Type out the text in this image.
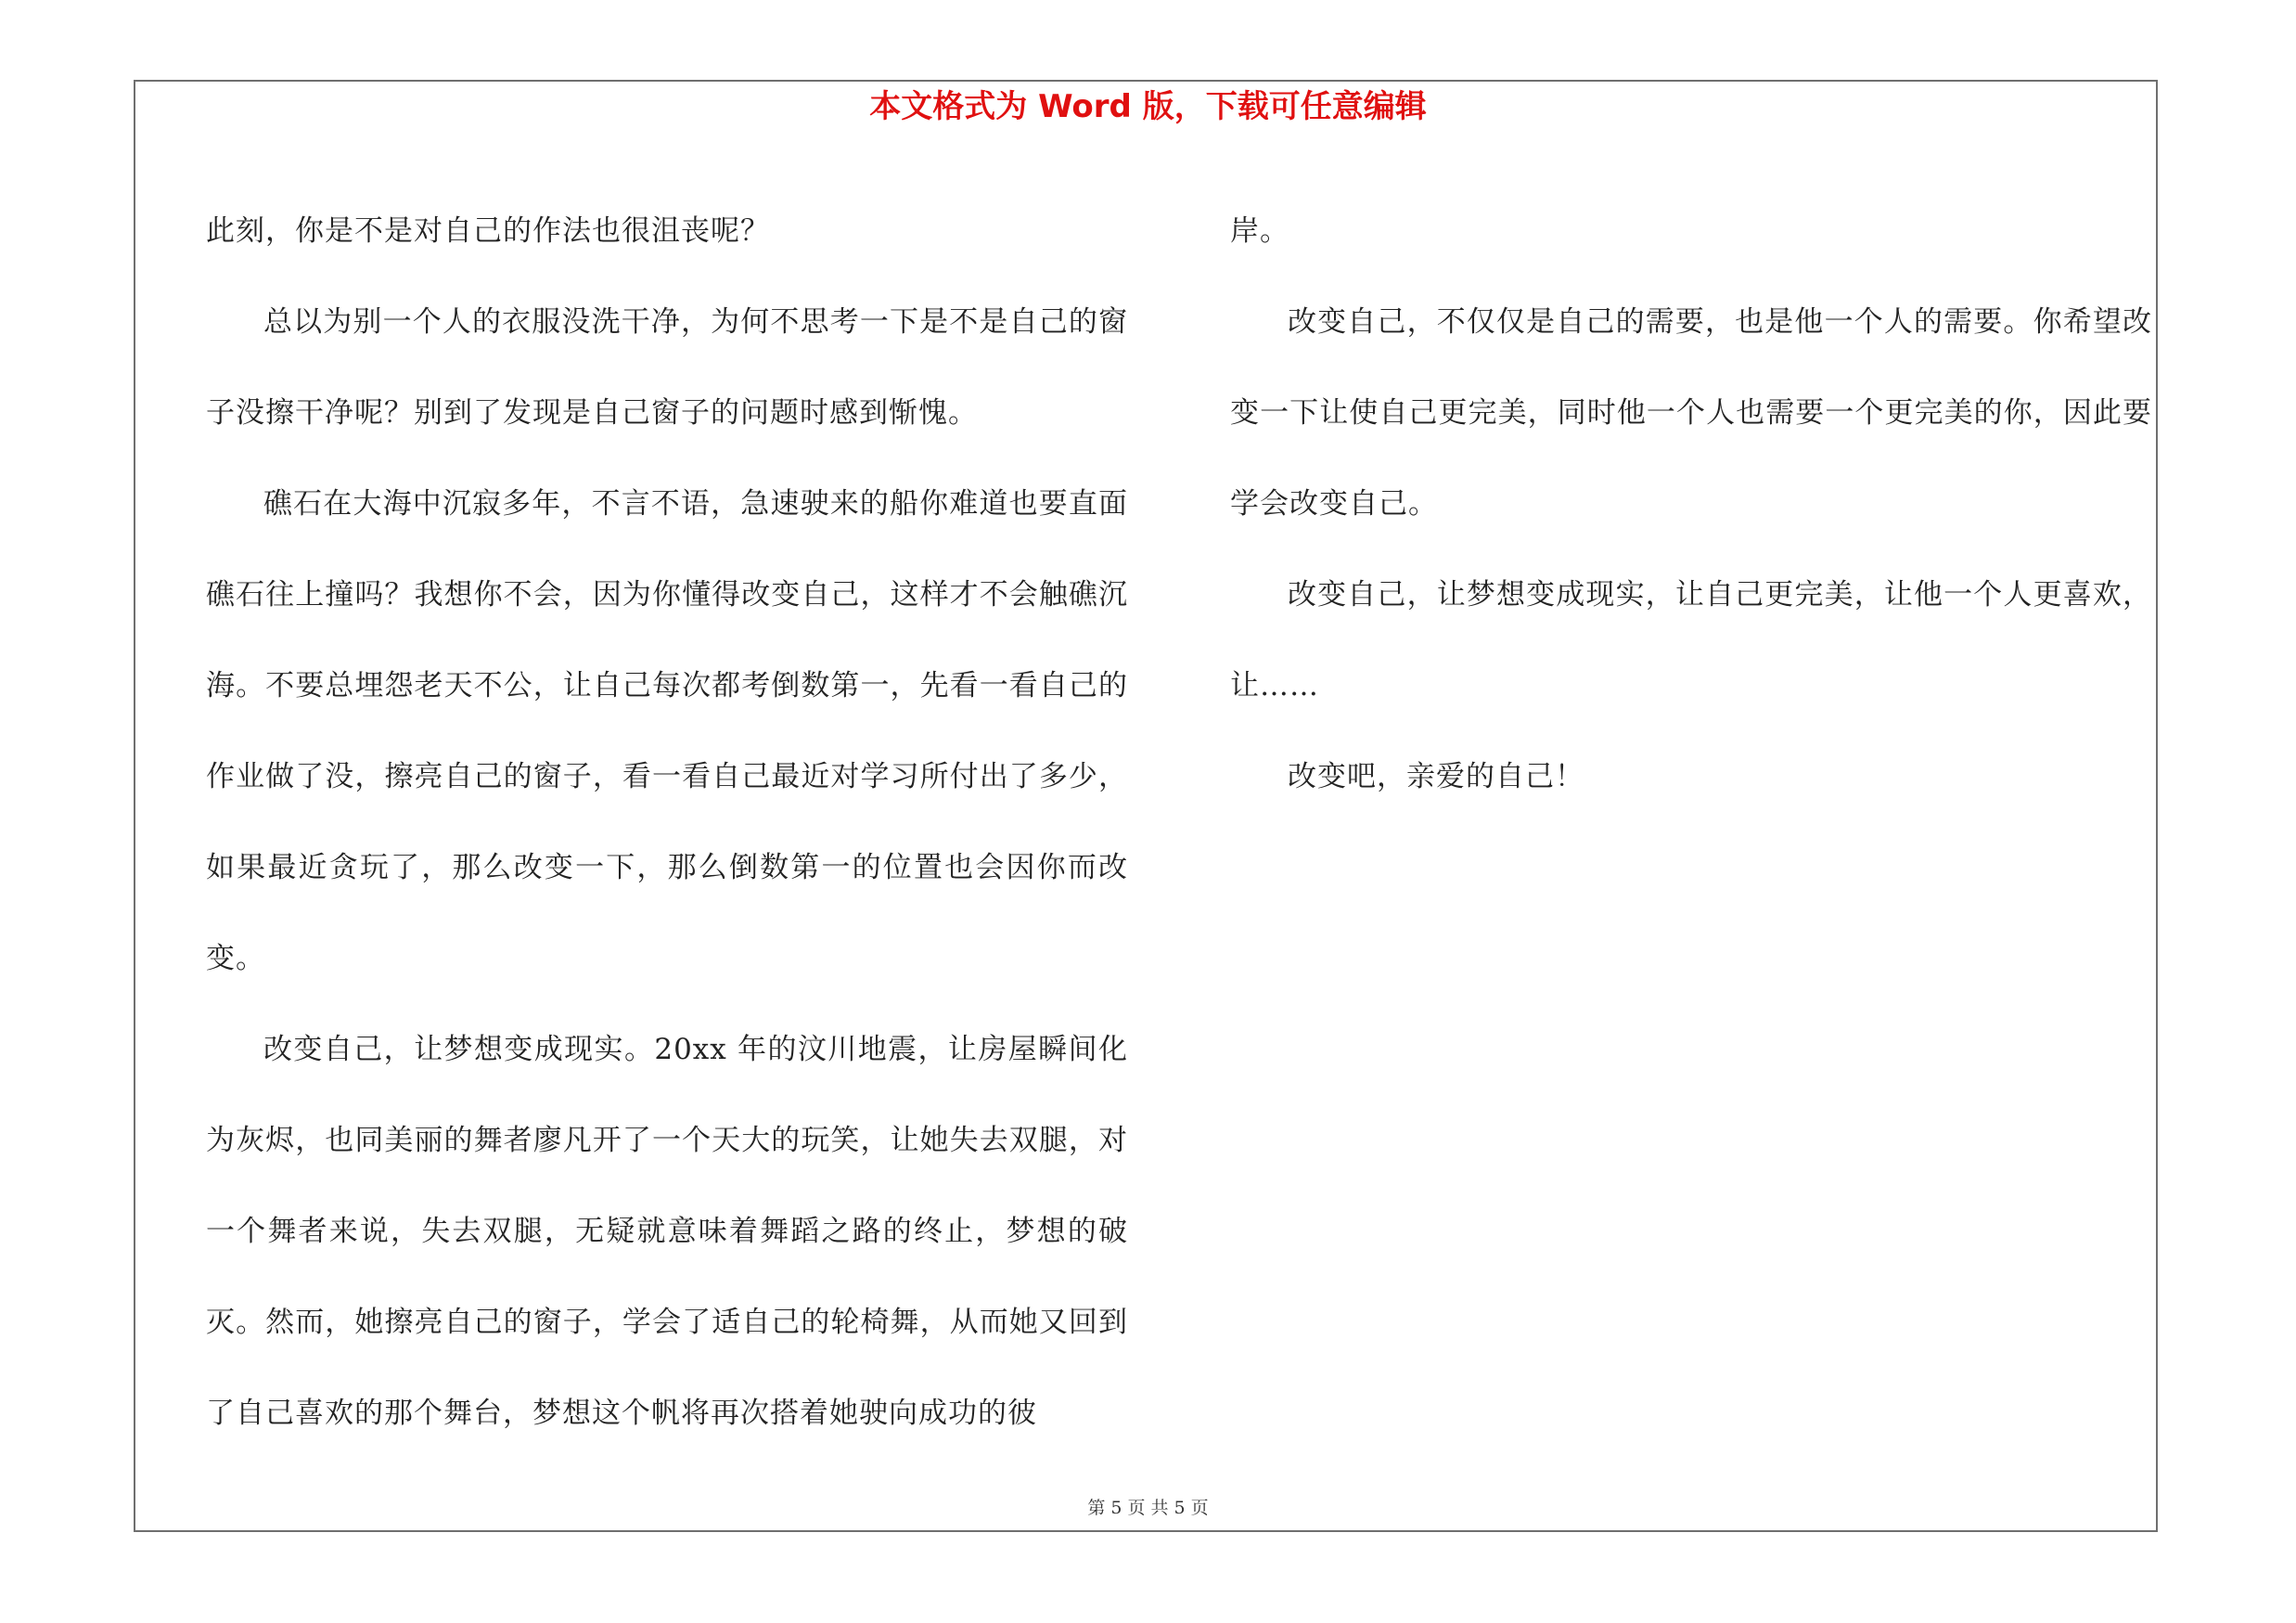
本文格式为 Word 版，下载可任意编辑

此刻，你是不是对自己的作法也很沮丧呢？

总以为别一个人的衣服没洗干净，为何不思考一下是不是自己的窗子没擦干净呢？别到了发现是自己窗子的问题时感到惭愧。

礁石在大海中沉寂多年，不言不语，急速驶来的船你难道也要直面礁石往上撞吗？我想你不会，因为你懂得改变自己，这样才不会触礁沉海。不要总埋怨老天不公，让自己每次都考倒数第一，先看一看自己的作业做了没，擦亮自己的窗子，看一看自己最近对学习所付出了多少，如果最近贪玩了，那么改变一下，那么倒数第一的位置也会因你而改变。

改变自己，让梦想变成现实。20xx 年的汶川地震，让房屋瞬间化为灰烬，也同美丽的舞者廖凡开了一个天大的玩笑，让她失去双腿，对一个舞者来说，失去双腿，无疑就意味着舞蹈之路的终止，梦想的破灭。然而，她擦亮自己的窗子，学会了适自己的轮椅舞，从而她又回到了自己喜欢的那个舞台，梦想这个帆将再次搭着她驶向成功的彼

岸。

改变自己，不仅仅是自己的需要，也是他一个人的需要。你希望改变一下让使自己更完美，同时他一个人也需要一个更完美的你，因此要学会改变自己。

改变自己，让梦想变成现实，让自己更完美，让他一个人更喜欢，让……

改变吧，亲爱的自己！

第 5 页 共 5 页
